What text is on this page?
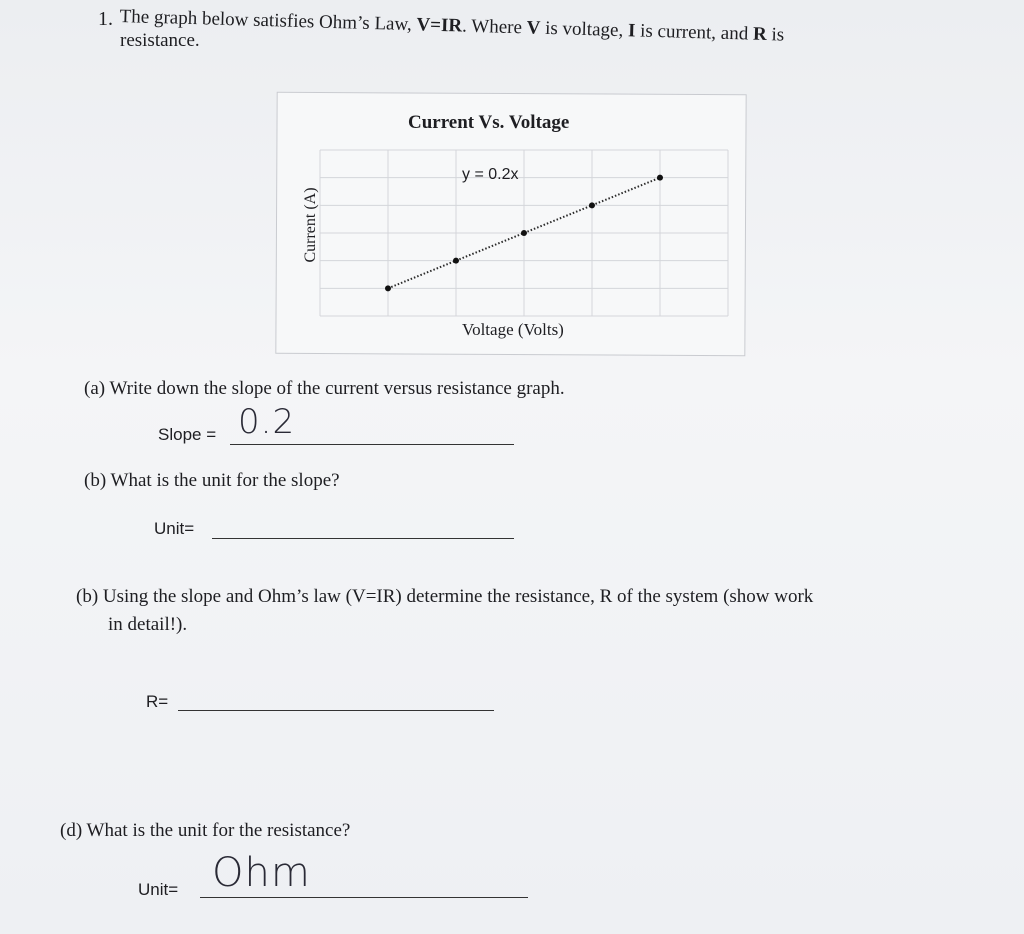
1. The graph below satisfies Ohm’s Law, V=IR. Where V is voltage, I is current, and R is
resistance.
Current Vs. Voltage
Current (A)
Voltage (Volts)
y = 0.2x
(a) Write down the slope of the current versus resistance graph.
Slope = 0.2
(b) What is the unit for the slope?
Unit=
(b) Using the slope and Ohm’s law (V=IR) determine the resistance, R of the system (show work
in detail!).
R=
(d) What is the unit for the resistance?
Unit= Ohm
